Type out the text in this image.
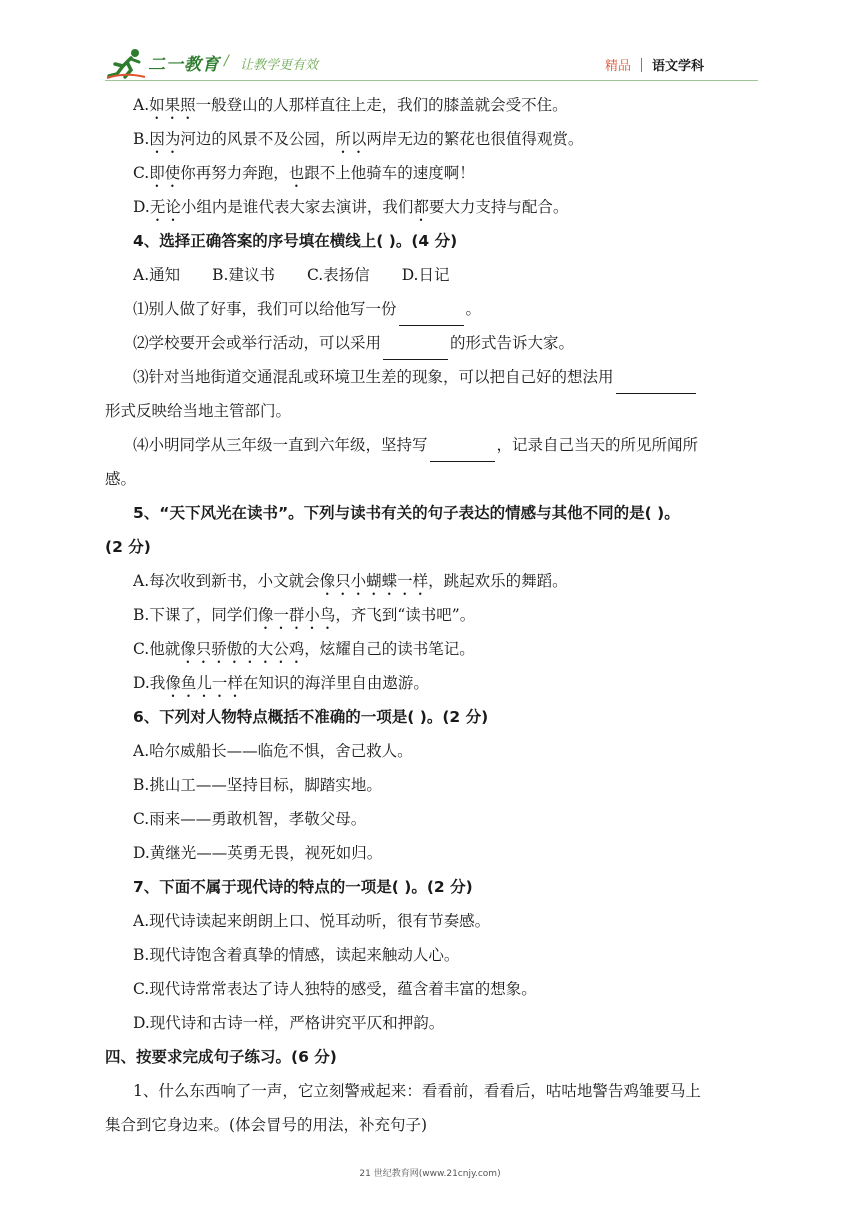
二一教育 / 让教学更有效	精品 语文学科
A.如果照一般登山的人那样直往上走，我们的膝盖就会受不住。
B.因为河边的风景不及公园，所以两岸无边的繁花也很值得观赏。
C.即使你再努力奔跑，也跟不上他骑车的速度啊！
D.无论小组内是谁代表大家去演讲，我们都要大力支持与配合。
4、选择正确答案的序号填在横线上( )。(4 分)
A.通知 B.建议书 C.表扬信 D.日记
⑴别人做了好事，我们可以给他写一份	。
⑵学校要开会或举行活动，可以采用	的形式告诉大家。
⑶针对当地街道交通混乱或环境卫生差的现象，可以把自己好的想法用
形式反映给当地主管部门。
⑷小明同学从三年级一直到六年级，坚持写	，记录自己当天的所见所闻所
感。
5、“天下风光在读书”。下列与读书有关的句子表达的情感与其他不同的是( )。
(2 分)
A.每次收到新书，小文就会像只小蝴蝶一样，跳起欢乐的舞蹈。
B.下课了，同学们像一群小鸟，齐飞到“读书吧”。
C.他就像只骄傲的大公鸡，炫耀自己的读书笔记。
D.我像鱼儿一样在知识的海洋里自由遨游。
6、下列对人物特点概括不准确的一项是( )。(2 分)
A.哈尔威船长——临危不惧，舍己救人。
B.挑山工——坚持目标，脚踏实地。
C.雨来——勇敢机智，孝敬父母。
D.黄继光——英勇无畏，视死如归。
7、下面不属于现代诗的特点的一项是( )。(2 分)
A.现代诗读起来朗朗上口、悦耳动听，很有节奏感。
B.现代诗饱含着真挚的情感，读起来触动人心。
C.现代诗常常表达了诗人独特的感受，蕴含着丰富的想象。
D.现代诗和古诗一样，严格讲究平仄和押韵。
四、按要求完成句子练习。(6 分)
1、什么东西响了一声，它立刻警戒起来：看看前，看看后，咕咕地警告鸡雏要马上
集合到它身边来。(体会冒号的用法，补充句子)
21 世纪教育网(www.21cnjy.com)
